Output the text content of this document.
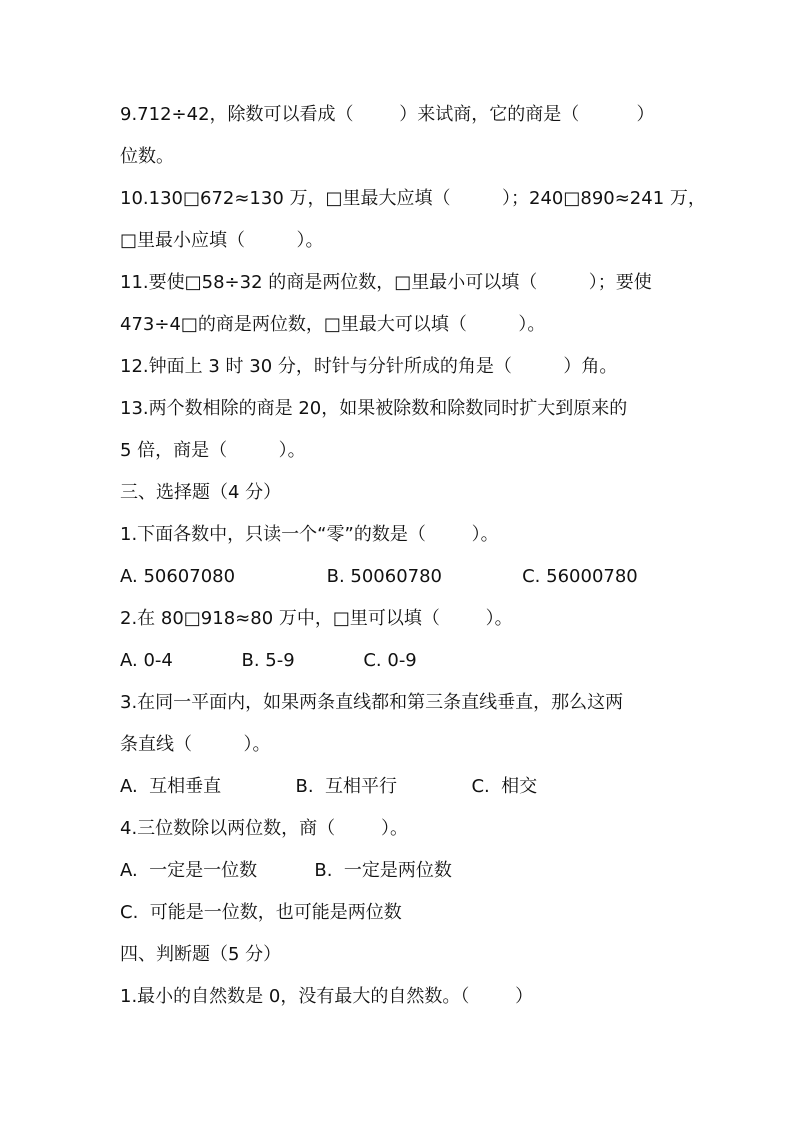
9.712÷42，除数可以看成（        ）来试商，它的商是（          ）
位数。
10.130□672≈130 万，□里最大应填（         ）；240□890≈241 万，
□里最小应填（         ）。
11.要使□58÷32 的商是两位数，□里最小可以填（         ）；要使
473÷4□的商是两位数，□里最大可以填（         ）。
12.钟面上 3 时 30 分，时针与分针所成的角是（         ）角。
13.两个数相除的商是 20，如果被除数和除数同时扩大到原来的
5 倍，商是（         ）。
三、选择题（4 分）
1.下面各数中，只读一个“零”的数是（        ）。
A. 50607080                B. 50060780              C. 56000780
2.在 80□918≈80 万中，□里可以填（        ）。
A. 0-4            B. 5-9            C. 0-9
3.在同一平面内，如果两条直线都和第三条直线垂直，那么这两
条直线（         ）。
A.  互相垂直             B.  互相平行             C.  相交
4.三位数除以两位数，商（        ）。
A.  一定是一位数          B.  一定是两位数
C.  可能是一位数，也可能是两位数
四、判断题（5 分）
1.最小的自然数是 0，没有最大的自然数。（        ）
